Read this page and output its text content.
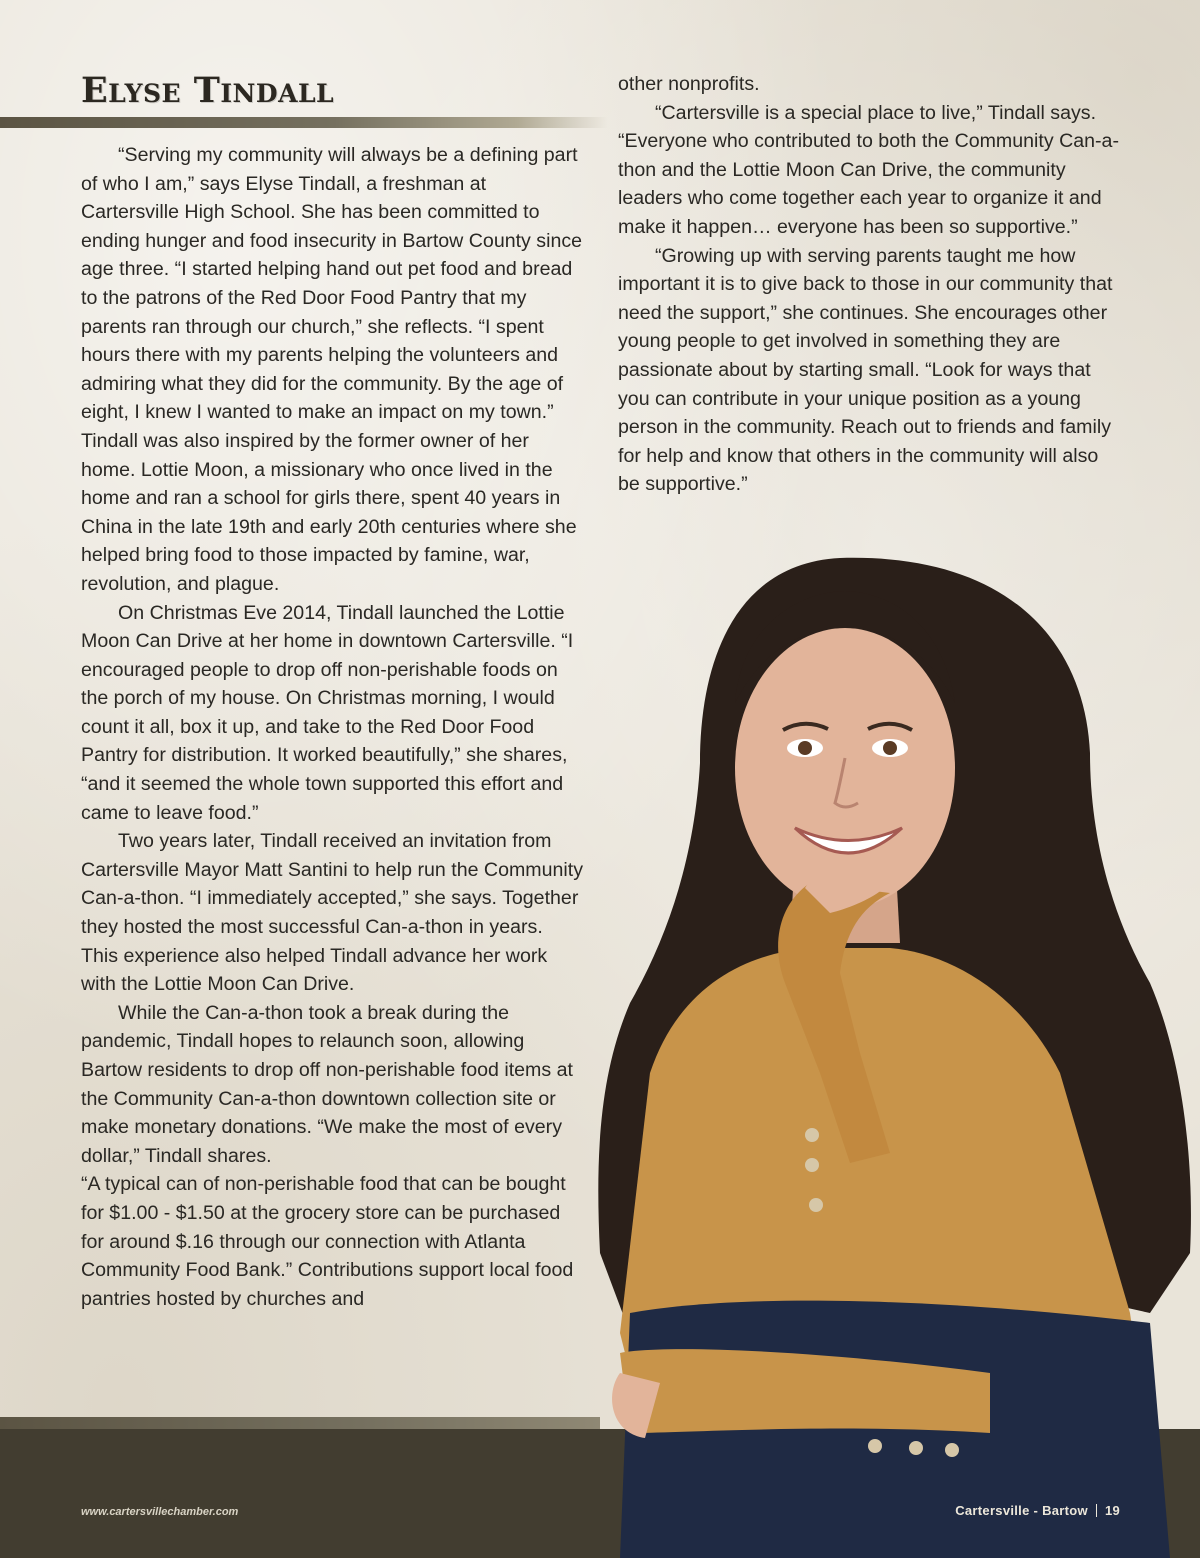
Elyse Tindall

“Serving my community will always be a defining part of who I am,” says Elyse Tindall, a freshman at Cartersville High School. She has been committed to ending hunger and food insecurity in Bartow County since age three. “I started helping hand out pet food and bread to the patrons of the Red Door Food Pantry that my parents ran through our church,” she reflects. “I spent hours there with my parents helping the volunteers and admiring what they did for the community. By the age of eight, I knew I wanted to make an impact on my town.” Tindall was also inspired by the former owner of her home. Lottie Moon, a missionary who once lived in the home and ran a school for girls there, spent 40 years in China in the late 19th and early 20th centuries where she helped bring food to those impacted by famine, war, revolution, and plague.

On Christmas Eve 2014, Tindall launched the Lottie Moon Can Drive at her home in downtown Cartersville. “I encouraged people to drop off non-perishable foods on the porch of my house. On Christmas morning, I would count it all, box it up, and take to the Red Door Food Pantry for distribution. It worked beautifully,” she shares, “and it seemed the whole town supported this effort and came to leave food.”

Two years later, Tindall received an invitation from Cartersville Mayor Matt Santini to help run the Community Can-a-thon. “I immediately accepted,” she says. Together they hosted the most successful Can-a-thon in years. This experience also helped Tindall advance her work with the Lottie Moon Can Drive.

While the Can-a-thon took a break during the pandemic, Tindall hopes to relaunch soon, allowing Bartow residents to drop off non-perishable food items at the Community Can-a-thon downtown collection site or make monetary donations. “We make the most of every dollar,” Tindall shares.

“A typical can of non-perishable food that can be bought for $1.00 - $1.50 at the grocery store can be purchased for around $.16 through our connection with Atlanta Community Food Bank.” Contributions support local food pantries hosted by churches and

other nonprofits.

“Cartersville is a special place to live,” Tindall says. “Everyone who contributed to both the Community Can-a-thon and the Lottie Moon Can Drive, the community leaders who come together each year to organize it and make it happen… everyone has been so supportive.”

“Growing up with serving parents taught me how important it is to give back to those in our community that need the support,” she continues. She encourages other young people to get involved in something they are passionate about by starting small. “Look for ways that you can contribute in your unique position as a young person in the community. Reach out to friends and family for help and know that others in the community will also be supportive.”

www.cartersvillechamber.com	Cartersville - Bartow 19
